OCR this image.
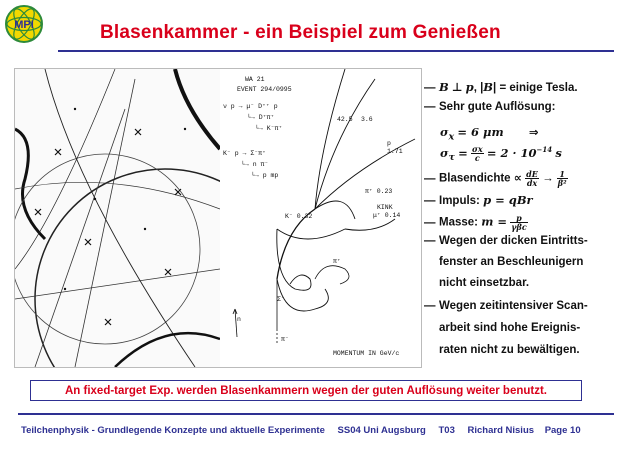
MPI	Blasenkammer - ein Beispiel zum Genießen
WA 21
EVENT 294/0995
ν p → μ⁻ D⁺⁺ p
└→ D⁺π⁺
└→ K⁻π⁺
K⁻ p → Σ⁻π⁺
└→ n π⁻
└→ p mp
42.5 3.6
p
1.71
π⁺ 0.23
KINK
μ⁺ 0.14
K⁻ 0.32
π⁺
Σ⁻
n
π⁻
MOMENTUM IN GeV/c
— B ⊥ p, |B| = einige Tesla.
— Sehr gute Auflösung:
$\sigma_x = 6$ μm ⇒
$\sigma_\tau = \frac{\sigma x}{c} = 2 \cdot 10^{-14}$ s
— Blasendichte ∝ $\frac{dE}{dx} \to \frac{1}{\text{β²}}$
— Impuls: p = qBr
— Masse: $m = \frac{p}{\text{γβc}}$
— Wegen der dicken Eintritts-
fenster an Beschleunigern
nicht einsetzbar.
— Wegen zeitintensiver Scan-
arbeit sind hohe Ereignis-
raten nicht zu bewältigen.
An fixed-target Exp. werden Blasenkammern wegen der guten Auflösung weiter benutzt.
Teilchenphysik - Grundlegende Konzepte und aktuelle Experimente SS04 Uni Augsburg T03 Richard Nisius Page 10
